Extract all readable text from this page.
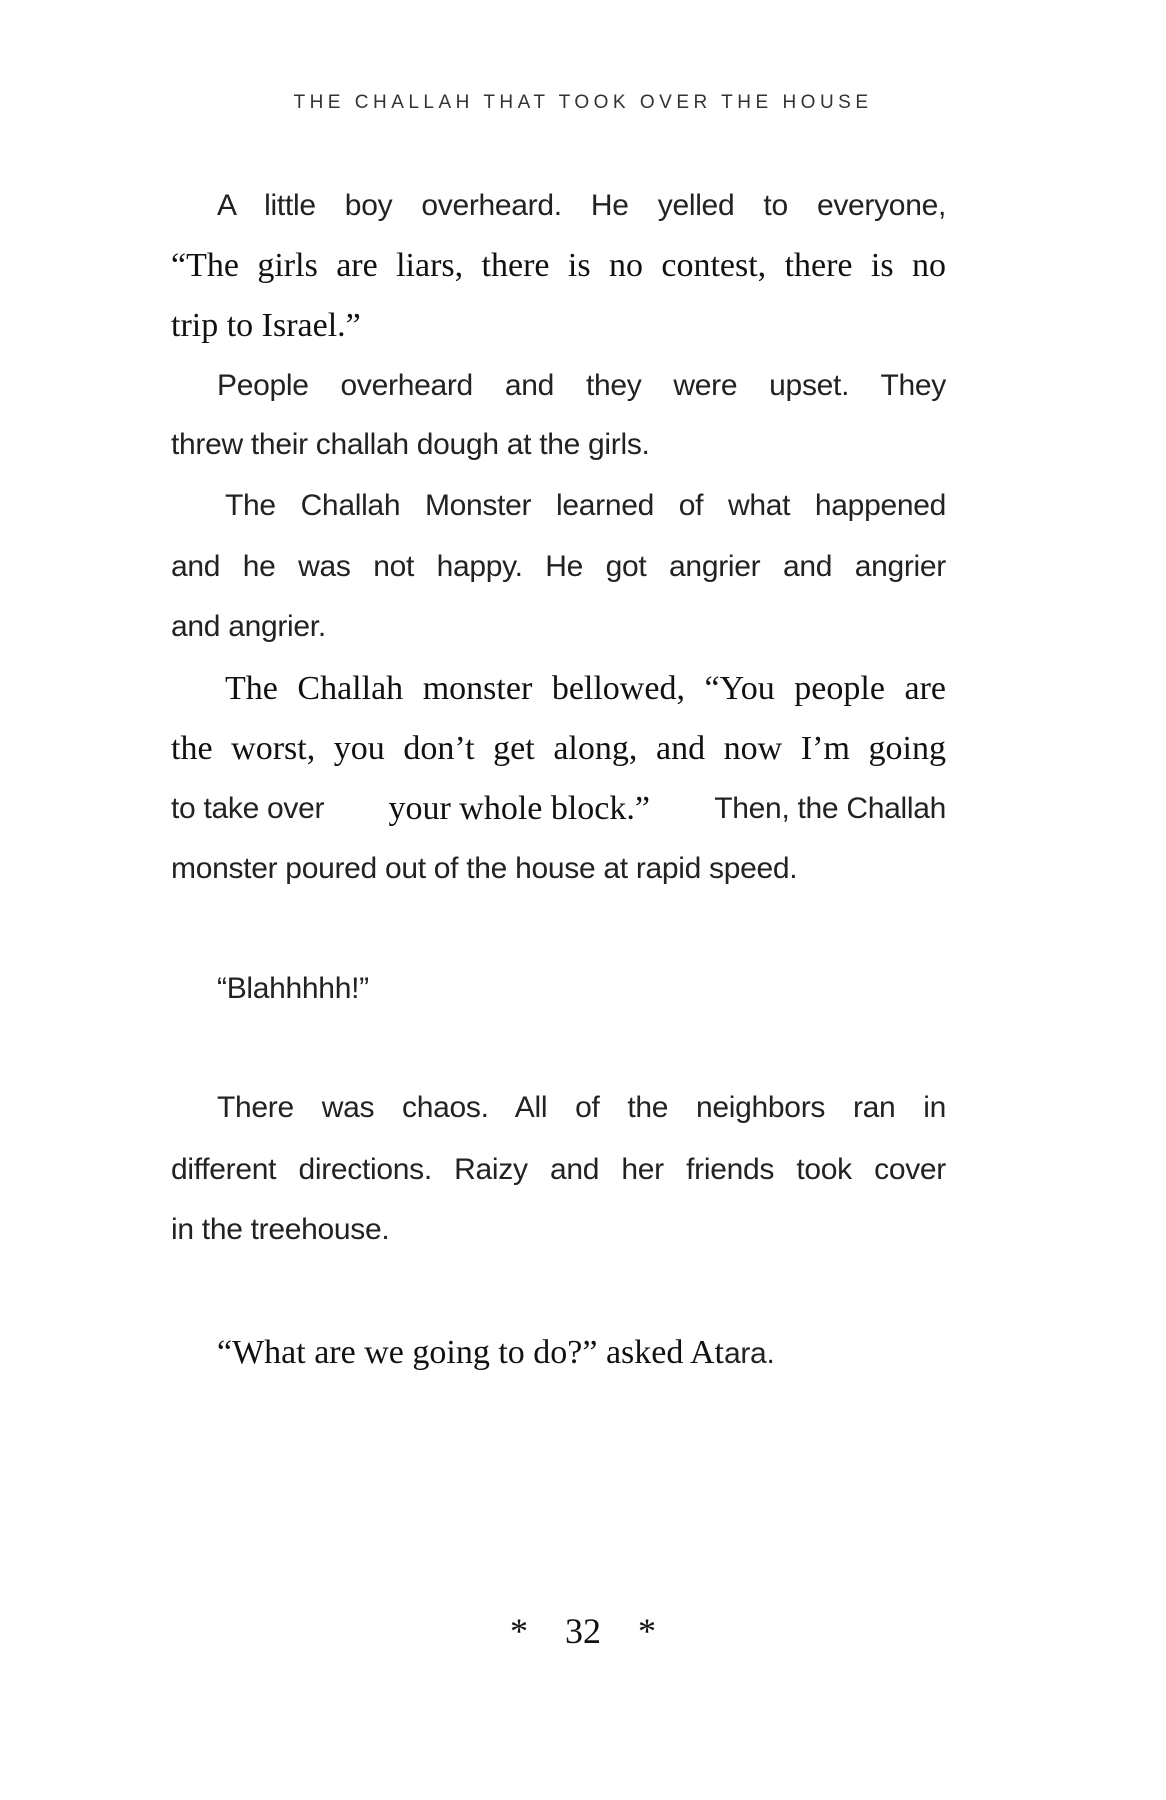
THE CHALLAH THAT TOOK OVER THE HOUSE
A little boy overheard. He yelled to everyone,
“The girls are liars, there is no contest, there is no
trip to Israel.”
People overheard and they were upset. They
threw their challah dough at the girls.
The Challah Monster learned of what happened
and he was not happy. He got angrier and angrier
and angrier.
The Challah monster bellowed, “You people are
the worst, you don’t get along, and now I’m going
to take over your whole block.” Then, the Challah
monster poured out of the house at rapid speed.
“Blahhhhh!”
There was chaos. All of the neighbors ran in
different directions. Raizy and her friends took cover
in the treehouse.
“What are we going to do?” asked Atara.
* 32 *
